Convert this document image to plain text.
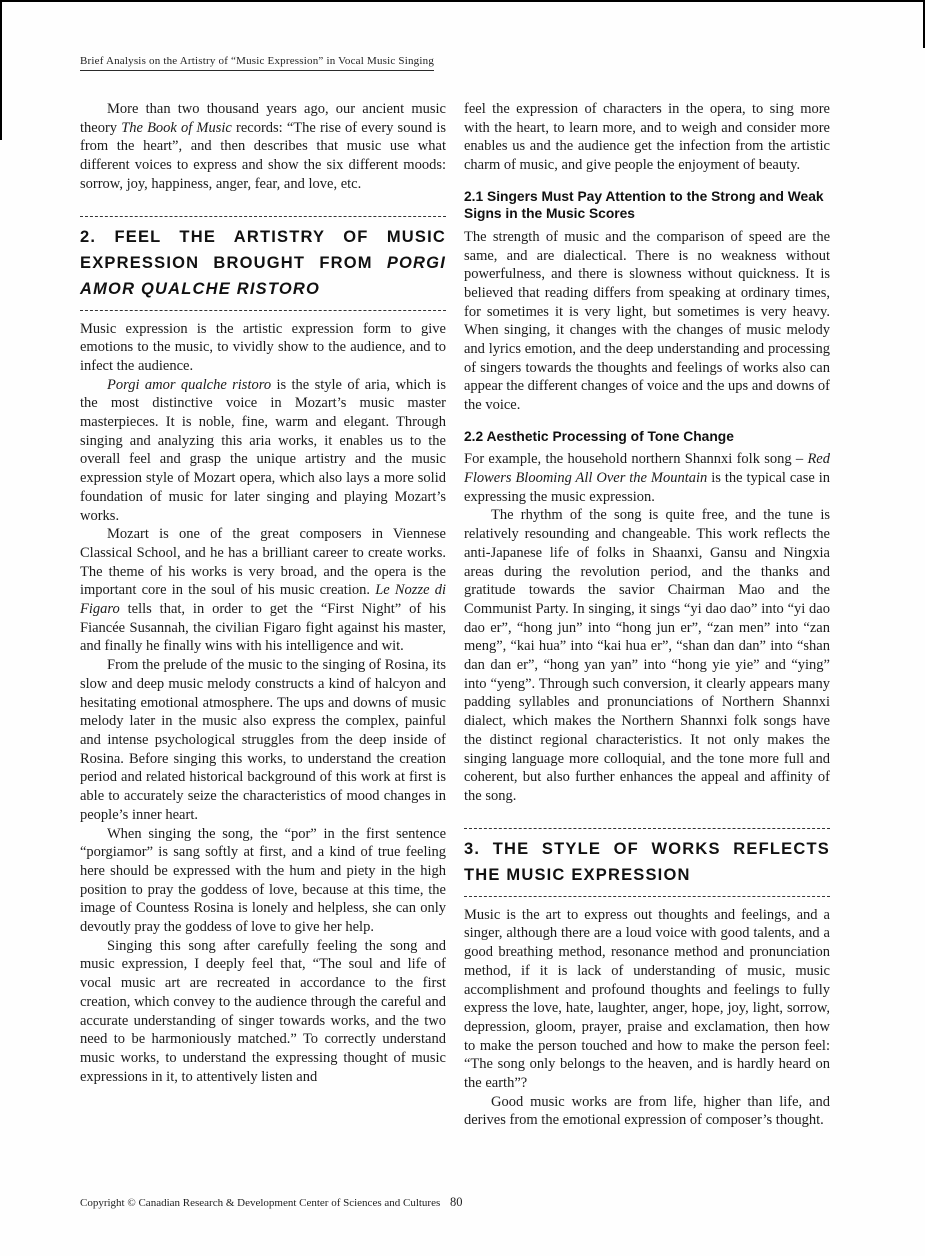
Brief Analysis on the Artistry of “Music Expression” in Vocal Music Singing

More than two thousand years ago, our ancient music theory The Book of Music records: “The rise of every sound is from the heart”, and then describes that music use what different voices to express and show the six different moods: sorrow, joy, happiness, anger, fear, and love, etc.

2. FEEL THE ARTISTRY OF MUSIC EXPRESSION BROUGHT FROM PORGI AMOR QUALCHE RISTORO

Music expression is the artistic expression form to give emotions to the music, to vividly show to the audience, and to infect the audience.

Porgi amor qualche ristoro is the style of aria, which is the most distinctive voice in Mozart’s music master masterpieces. It is noble, fine, warm and elegant. Through singing and analyzing this aria works, it enables us to the overall feel and grasp the unique artistry and the music expression style of Mozart opera, which also lays a more solid foundation of music for later singing and playing Mozart’s works.

Mozart is one of the great composers in Viennese Classical School, and he has a brilliant career to create works. The theme of his works is very broad, and the opera is the important core in the soul of his music creation. Le Nozze di Figaro tells that, in order to get the “First Night” of his Fiancée Susannah, the civilian Figaro fight against his master, and finally he finally wins with his intelligence and wit.

From the prelude of the music to the singing of Rosina, its slow and deep music melody constructs a kind of halcyon and hesitating emotional atmosphere. The ups and downs of music melody later in the music also express the complex, painful and intense psychological struggles from the deep inside of Rosina. Before singing this works, to understand the creation period and related historical background of this work at first is able to accurately seize the characteristics of mood changes in people’s inner heart.

When singing the song, the “por” in the first sentence “porgiamor” is sang softly at first, and a kind of true feeling here should be expressed with the hum and piety in the high position to pray the goddess of love, because at this time, the image of Countess Rosina is lonely and helpless, she can only devoutly pray the goddess of love to give her help.

Singing this song after carefully feeling the song and music expression, I deeply feel that, “The soul and life of vocal music art are recreated in accordance to the first creation, which convey to the audience through the careful and accurate understanding of singer towards works, and the two need to be harmoniously matched.” To correctly understand music works, to understand the expressing thought of music expressions in it, to attentively listen and

feel the expression of characters in the opera, to sing more with the heart, to learn more, and to weigh and consider more enables us and the audience get the infection from the artistic charm of music, and give people the enjoyment of beauty.

2.1 Singers Must Pay Attention to the Strong and Weak Signs in the Music Scores

The strength of music and the comparison of speed are the same, and are dialectical. There is no weakness without powerfulness, and there is slowness without quickness. It is believed that reading differs from speaking at ordinary times, for sometimes it is very light, but sometimes is very heavy. When singing, it changes with the changes of music melody and lyrics emotion, and the deep understanding and processing of singers towards the thoughts and feelings of works also can appear the different changes of voice and the ups and downs of the voice.

2.2 Aesthetic Processing of Tone Change

For example, the household northern Shannxi folk song – Red Flowers Blooming All Over the Mountain is the typical case in expressing the music expression.

The rhythm of the song is quite free, and the tune is relatively resounding and changeable. This work reflects the anti-Japanese life of folks in Shaanxi, Gansu and Ningxia areas during the revolution period, and the thanks and gratitude towards the savior Chairman Mao and the Communist Party. In singing, it sings “yi dao dao” into “yi dao dao er”, “hong jun” into “hong jun er”, “zan men” into “zan meng”, “kai hua” into “kai hua er”, “shan dan dan” into “shan dan dan er”, “hong yan yan” into “hong yie yie” and “ying” into “yeng”. Through such conversion, it clearly appears many padding syllables and pronunciations of Northern Shannxi dialect, which makes the Northern Shannxi folk songs have the distinct regional characteristics. It not only makes the singing language more colloquial, and the tone more full and coherent, but also further enhances the appeal and affinity of the song.

3. THE STYLE OF WORKS REFLECTS THE MUSIC EXPRESSION

Music is the art to express out thoughts and feelings, and a singer, although there are a loud voice with good talents, and a good breathing method, resonance method and pronunciation method, if it is lack of understanding of music, music accomplishment and profound thoughts and feelings to fully express the love, hate, laughter, anger, hope, joy, light, sorrow, depression, gloom, prayer, praise and exclamation, then how to make the person touched and how to make the person feel: “The song only belongs to the heaven, and is hardly heard on the earth”?

Good music works are from life, higher than life, and derives from the emotional expression of composer’s thought.

Copyright © Canadian Research & Development Center of Sciences and Cultures 80
